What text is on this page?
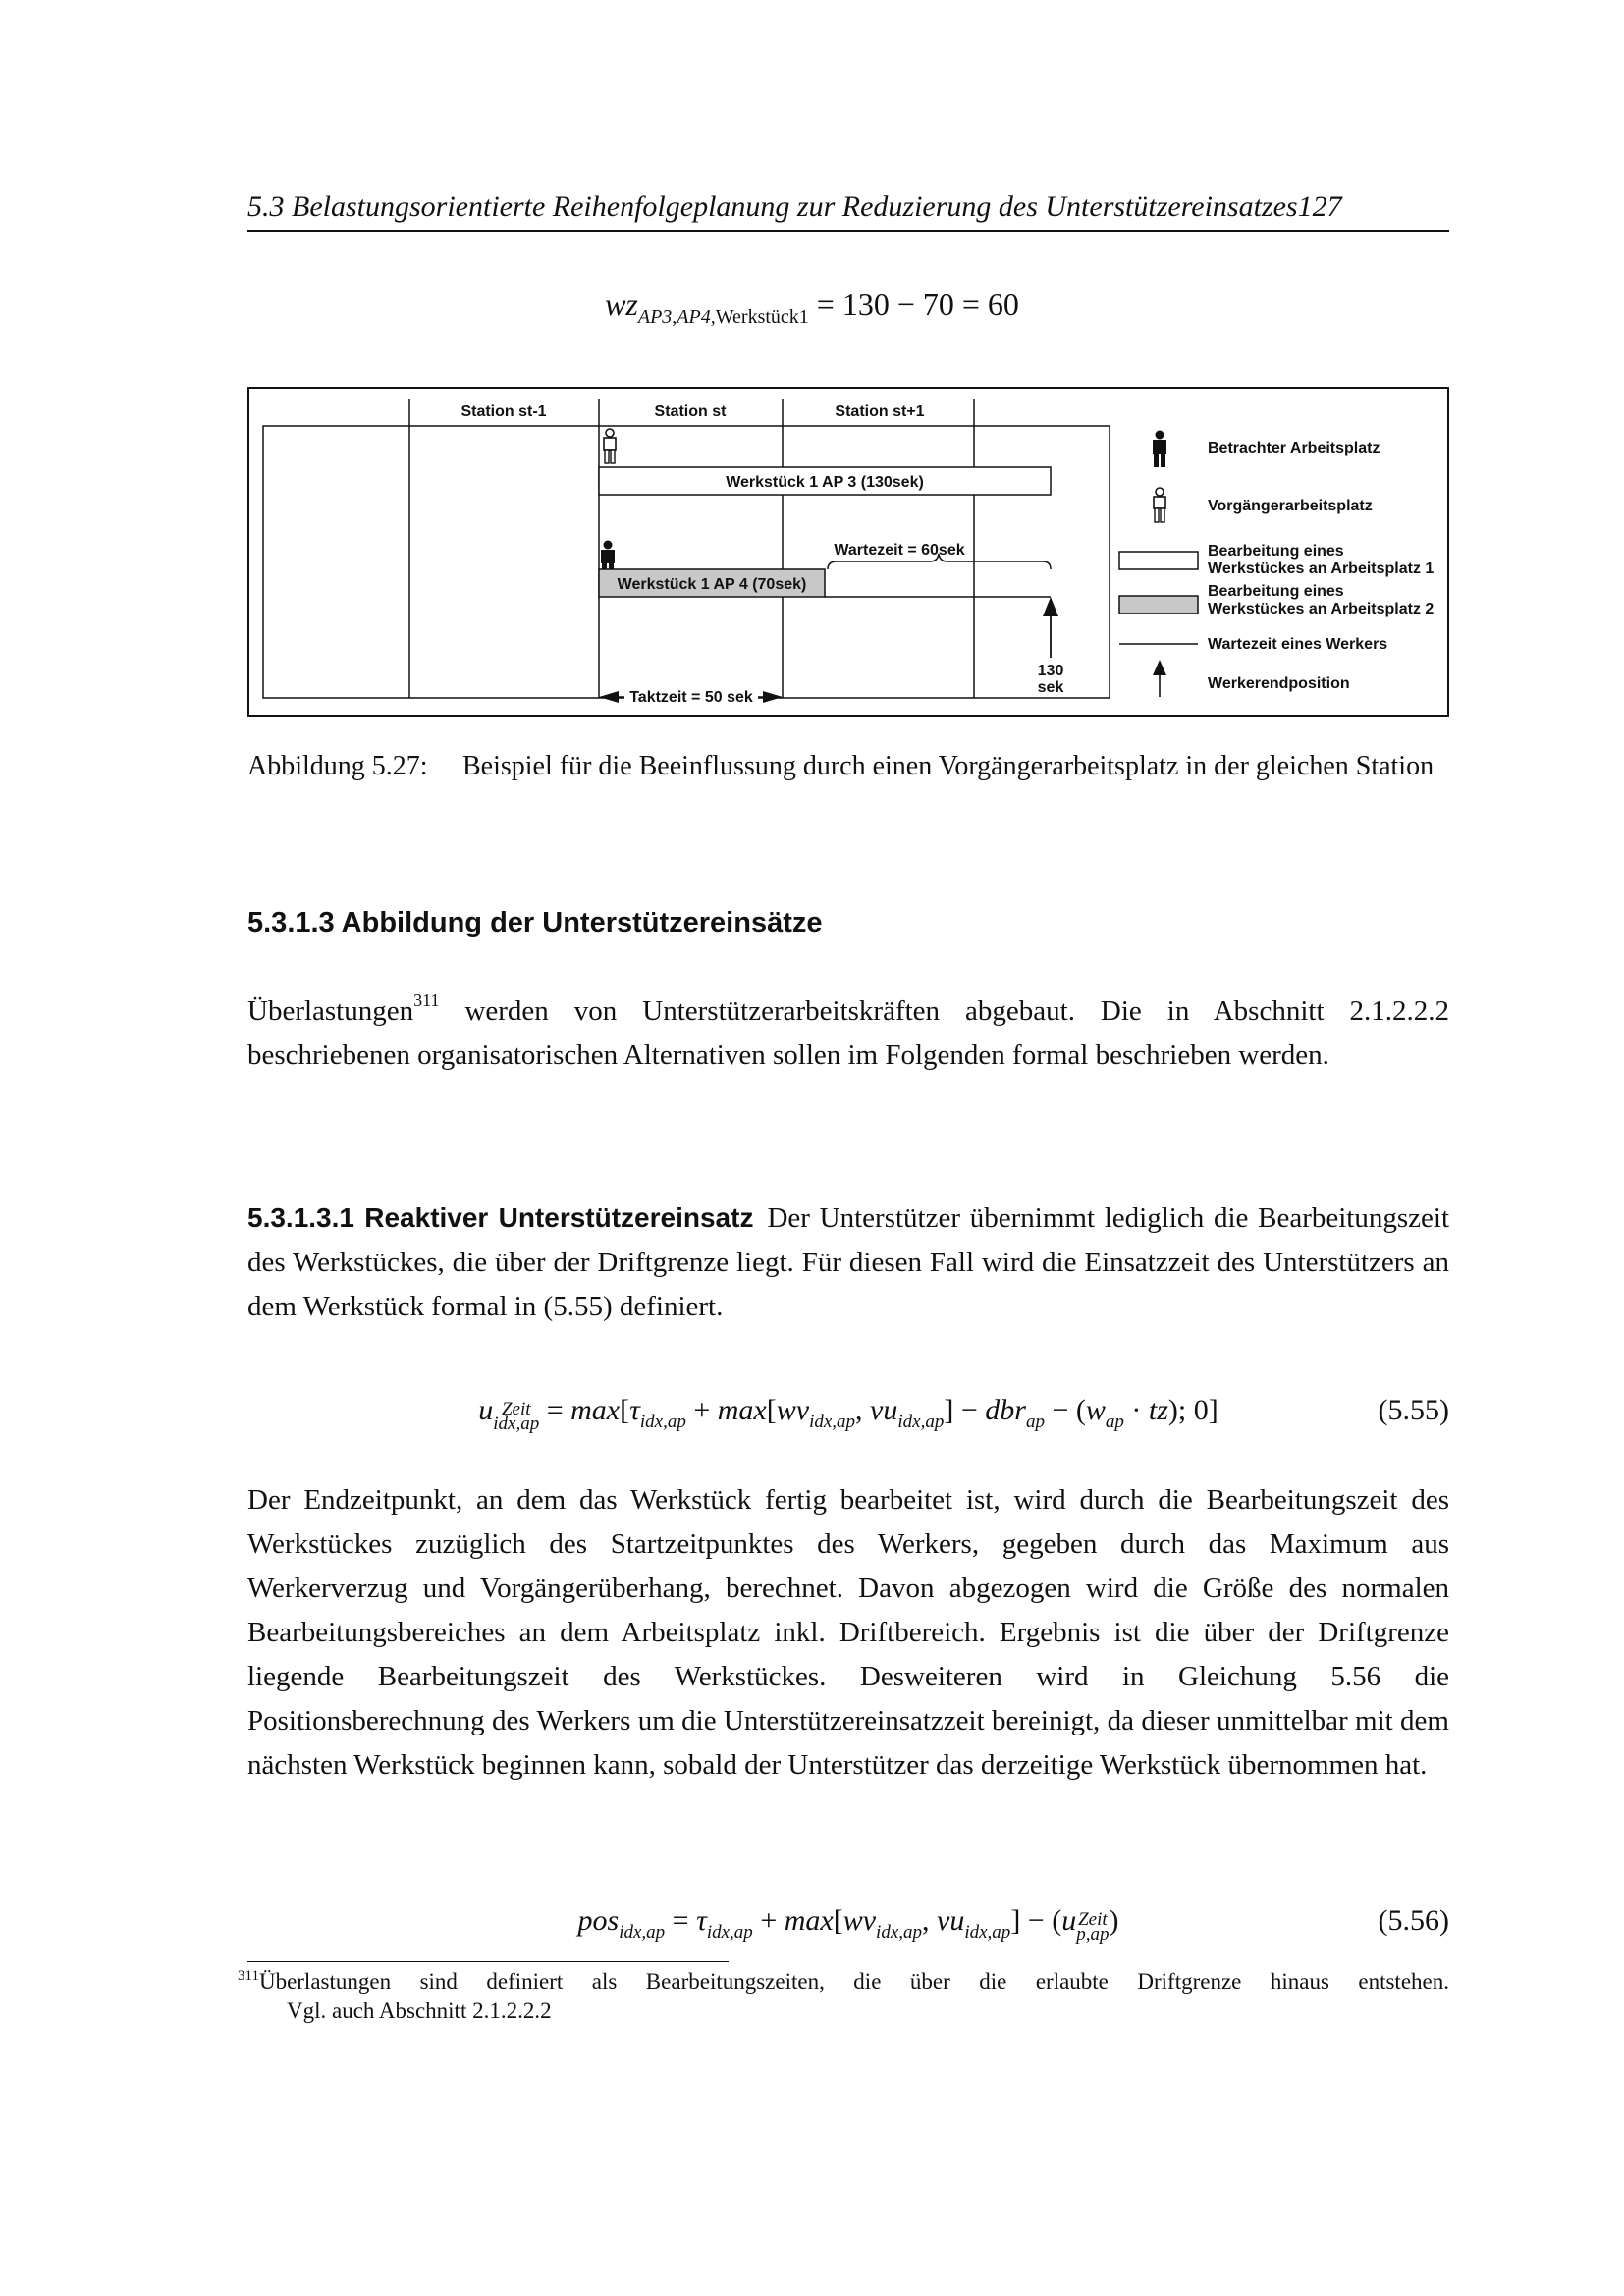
5.3 Belastungsorientierte Reihenfolgeplanung zur Reduzierung des Unterstützereinsatzes127
$wz_{AP3,AP4,Werkstück1} = 130 - 70 = 60$
Station st-1	Station st	Station st+1
Werkstück 1 AP 3 (130sek)
Werkstück 1 AP 4 (70sek)
Wartezeit = 60sek
130
sek
Taktzeit = 50 sek
Betrachter Arbeitsplatz
Vorgängerarbeitsplatz
Bearbeitung eines
Werkstückes an Arbeitsplatz 1
Bearbeitung eines
Werkstückes an Arbeitsplatz 2
Wartezeit eines Werkers
Werkerendposition
Abbildung 5.27: Beispiel für die Beeinflussung durch einen Vorgängerarbeitsplatz in der gleichen Station
5.3.1.3 Abbildung der Unterstützereinsätze

Überlastungen$^{311}$ werden von Unterstützerarbeitskräften abgebaut. Die in Abschnitt 2.1.2.2.2 beschriebenen organisatorischen Alternativen sollen im Folgenden formal beschrieben werden.

5.3.1.3.1 Reaktiver Unterstützereinsatz Der Unterstützer übernimmt lediglich die Bearbeitungszeit des Werkstückes, die über der Driftgrenze liegt. Für diesen Fall wird die Einsatzzeit des Unterstützers an dem Werkstück formal in (5.55) definiert.

u Zeit
$idx,ap = \max[\tau_{idx,ap} + \max[wv_{idx,ap}$, $vu_{idx,ap}] - dbr_{ap} - (w_{ap} \cdot tz)$; 0]	(5.55)

Der Endzeitpunkt, an dem das Werkstück fertig bearbeitet ist, wird durch die Bearbeitungszeit des Werkstückes zuzüglich des Startzeitpunktes des Werkers, gegeben durch das Maximum aus Werkerverzug und Vorgängerüberhang, berechnet. Davon abgezogen wird die Größe des normalen Bearbeitungsbereiches an dem Arbeitsplatz inkl. Driftbereich. Ergebnis ist die über der Driftgrenze liegende Bearbeitungszeit des Werkstückes. Desweiteren wird in Gleichung 5.56 die Positionsberechnung des Werkers um die Unterstützereinsatzzeit bereinigt, da dieser unmittelbar mit dem nächsten Werkstück beginnen kann, sobald der Unterstützer das derzeitige Werkstück übernommen hat.

$pos_{idx,ap} = \tau_{idx,ap} + \max[wv_{idx,ap}$, $vu_{idx,ap}] - (u$ Zeit
p,ap )	(5.56)
$^{311}$Überlastungen sind definiert als Bearbeitungszeiten, die über die erlaubte Driftgrenze hinaus entstehen.
Vgl. auch Abschnitt 2.1.2.2.2
